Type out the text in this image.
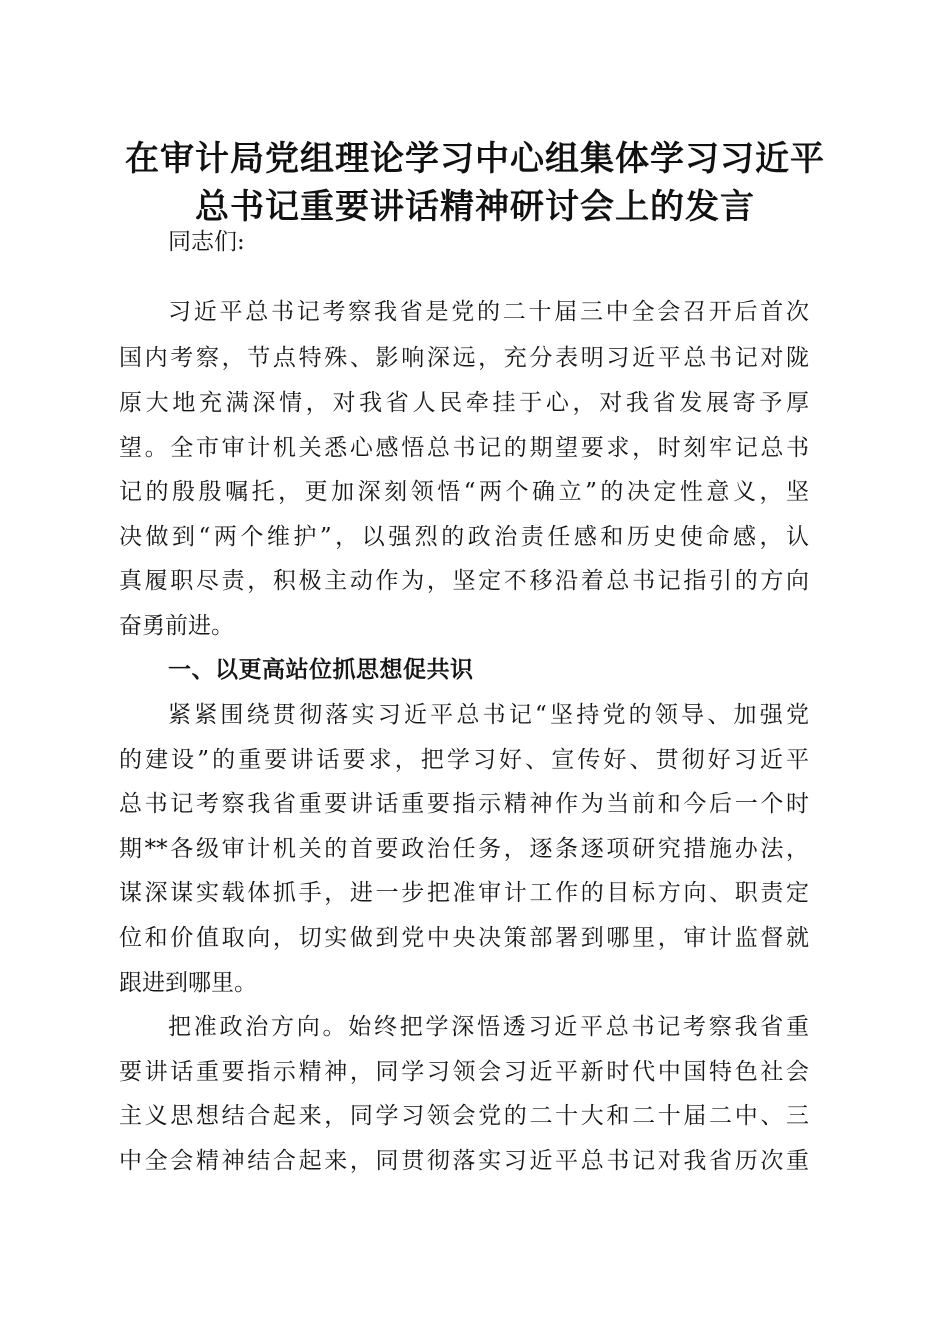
在审计局党组理论学习中心组集体学习习近平
总书记重要讲话精神研讨会上的发言
同志们:
习近平总书记考察我省是党的二十届三中全会召开后首次
国内考察，节点特殊、影响深远，充分表明习近平总书记对陇
原大地充满深情，对我省人民牵挂于心，对我省发展寄予厚
望。全市审计机关悉心感悟总书记的期望要求，时刻牢记总书
记的殷殷嘱托，更加深刻领悟“两个确立”的决定性意义，坚
决做到“两个维护”，以强烈的政治责任感和历史使命感，认
真履职尽责，积极主动作为，坚定不移沿着总书记指引的方向
奋勇前进。
一、以更高站位抓思想促共识
紧紧围绕贯彻落实习近平总书记“坚持党的领导、加强党
的建设”的重要讲话要求，把学习好、宣传好、贯彻好习近平
总书记考察我省重要讲话重要指示精神作为当前和今后一个时
期**各级审计机关的首要政治任务，逐条逐项研究措施办法，
谋深谋实载体抓手，进一步把准审计工作的目标方向、职责定
位和价值取向，切实做到党中央决策部署到哪里，审计监督就
跟进到哪里。
把准政治方向。始终把学深悟透习近平总书记考察我省重
要讲话重要指示精神，同学习领会习近平新时代中国特色社会
主义思想结合起来，同学习领会党的二十大和二十届二中、三
中全会精神结合起来，同贯彻落实习近平总书记对我省历次重
